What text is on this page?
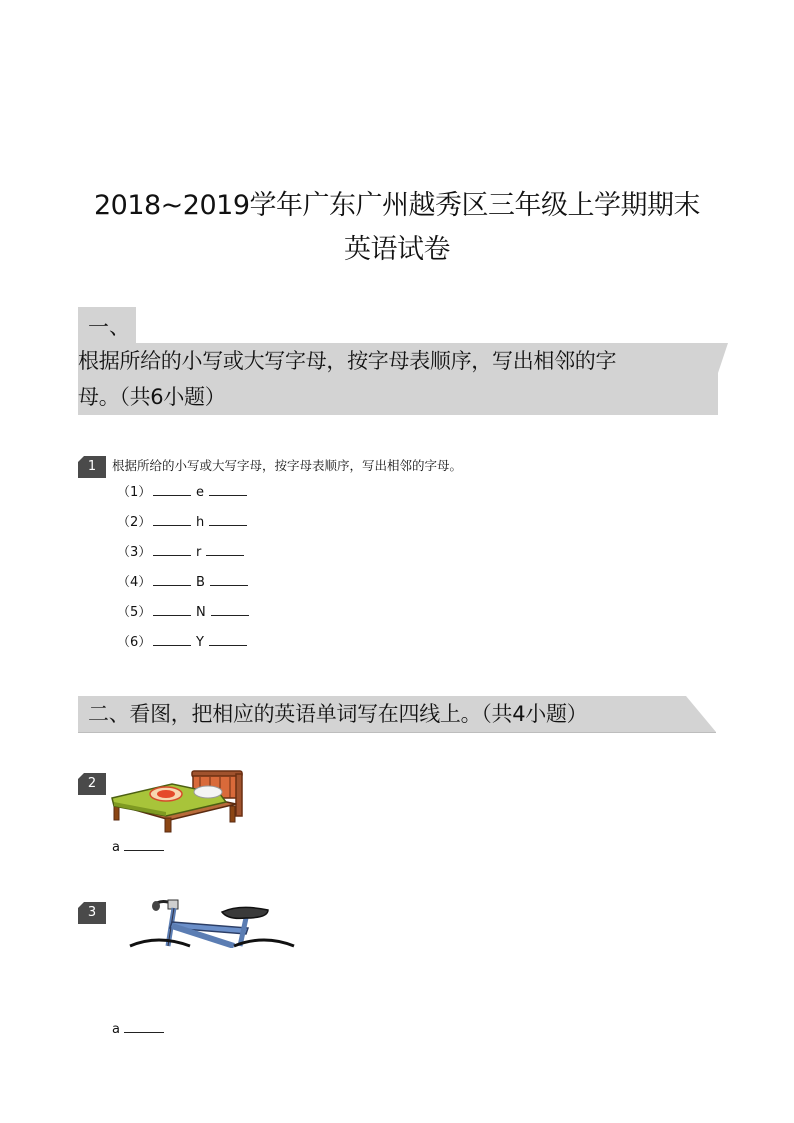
2018~2019学年广东广州越秀区三年级上学期期末
英语试卷
一、
根据所给的小写或大写字母，按字母表顺序，写出相邻的字
母。（共6小题）
1	根据所给的小写或大写字母，按字母表顺序，写出相邻的字母。
（1）	e
（2）	h
（3）	r
（4）	B
（5）	N
（6）	Y
二、看图，把相应的英语单词写在四线上。（共4小题）
2
a
3
a
